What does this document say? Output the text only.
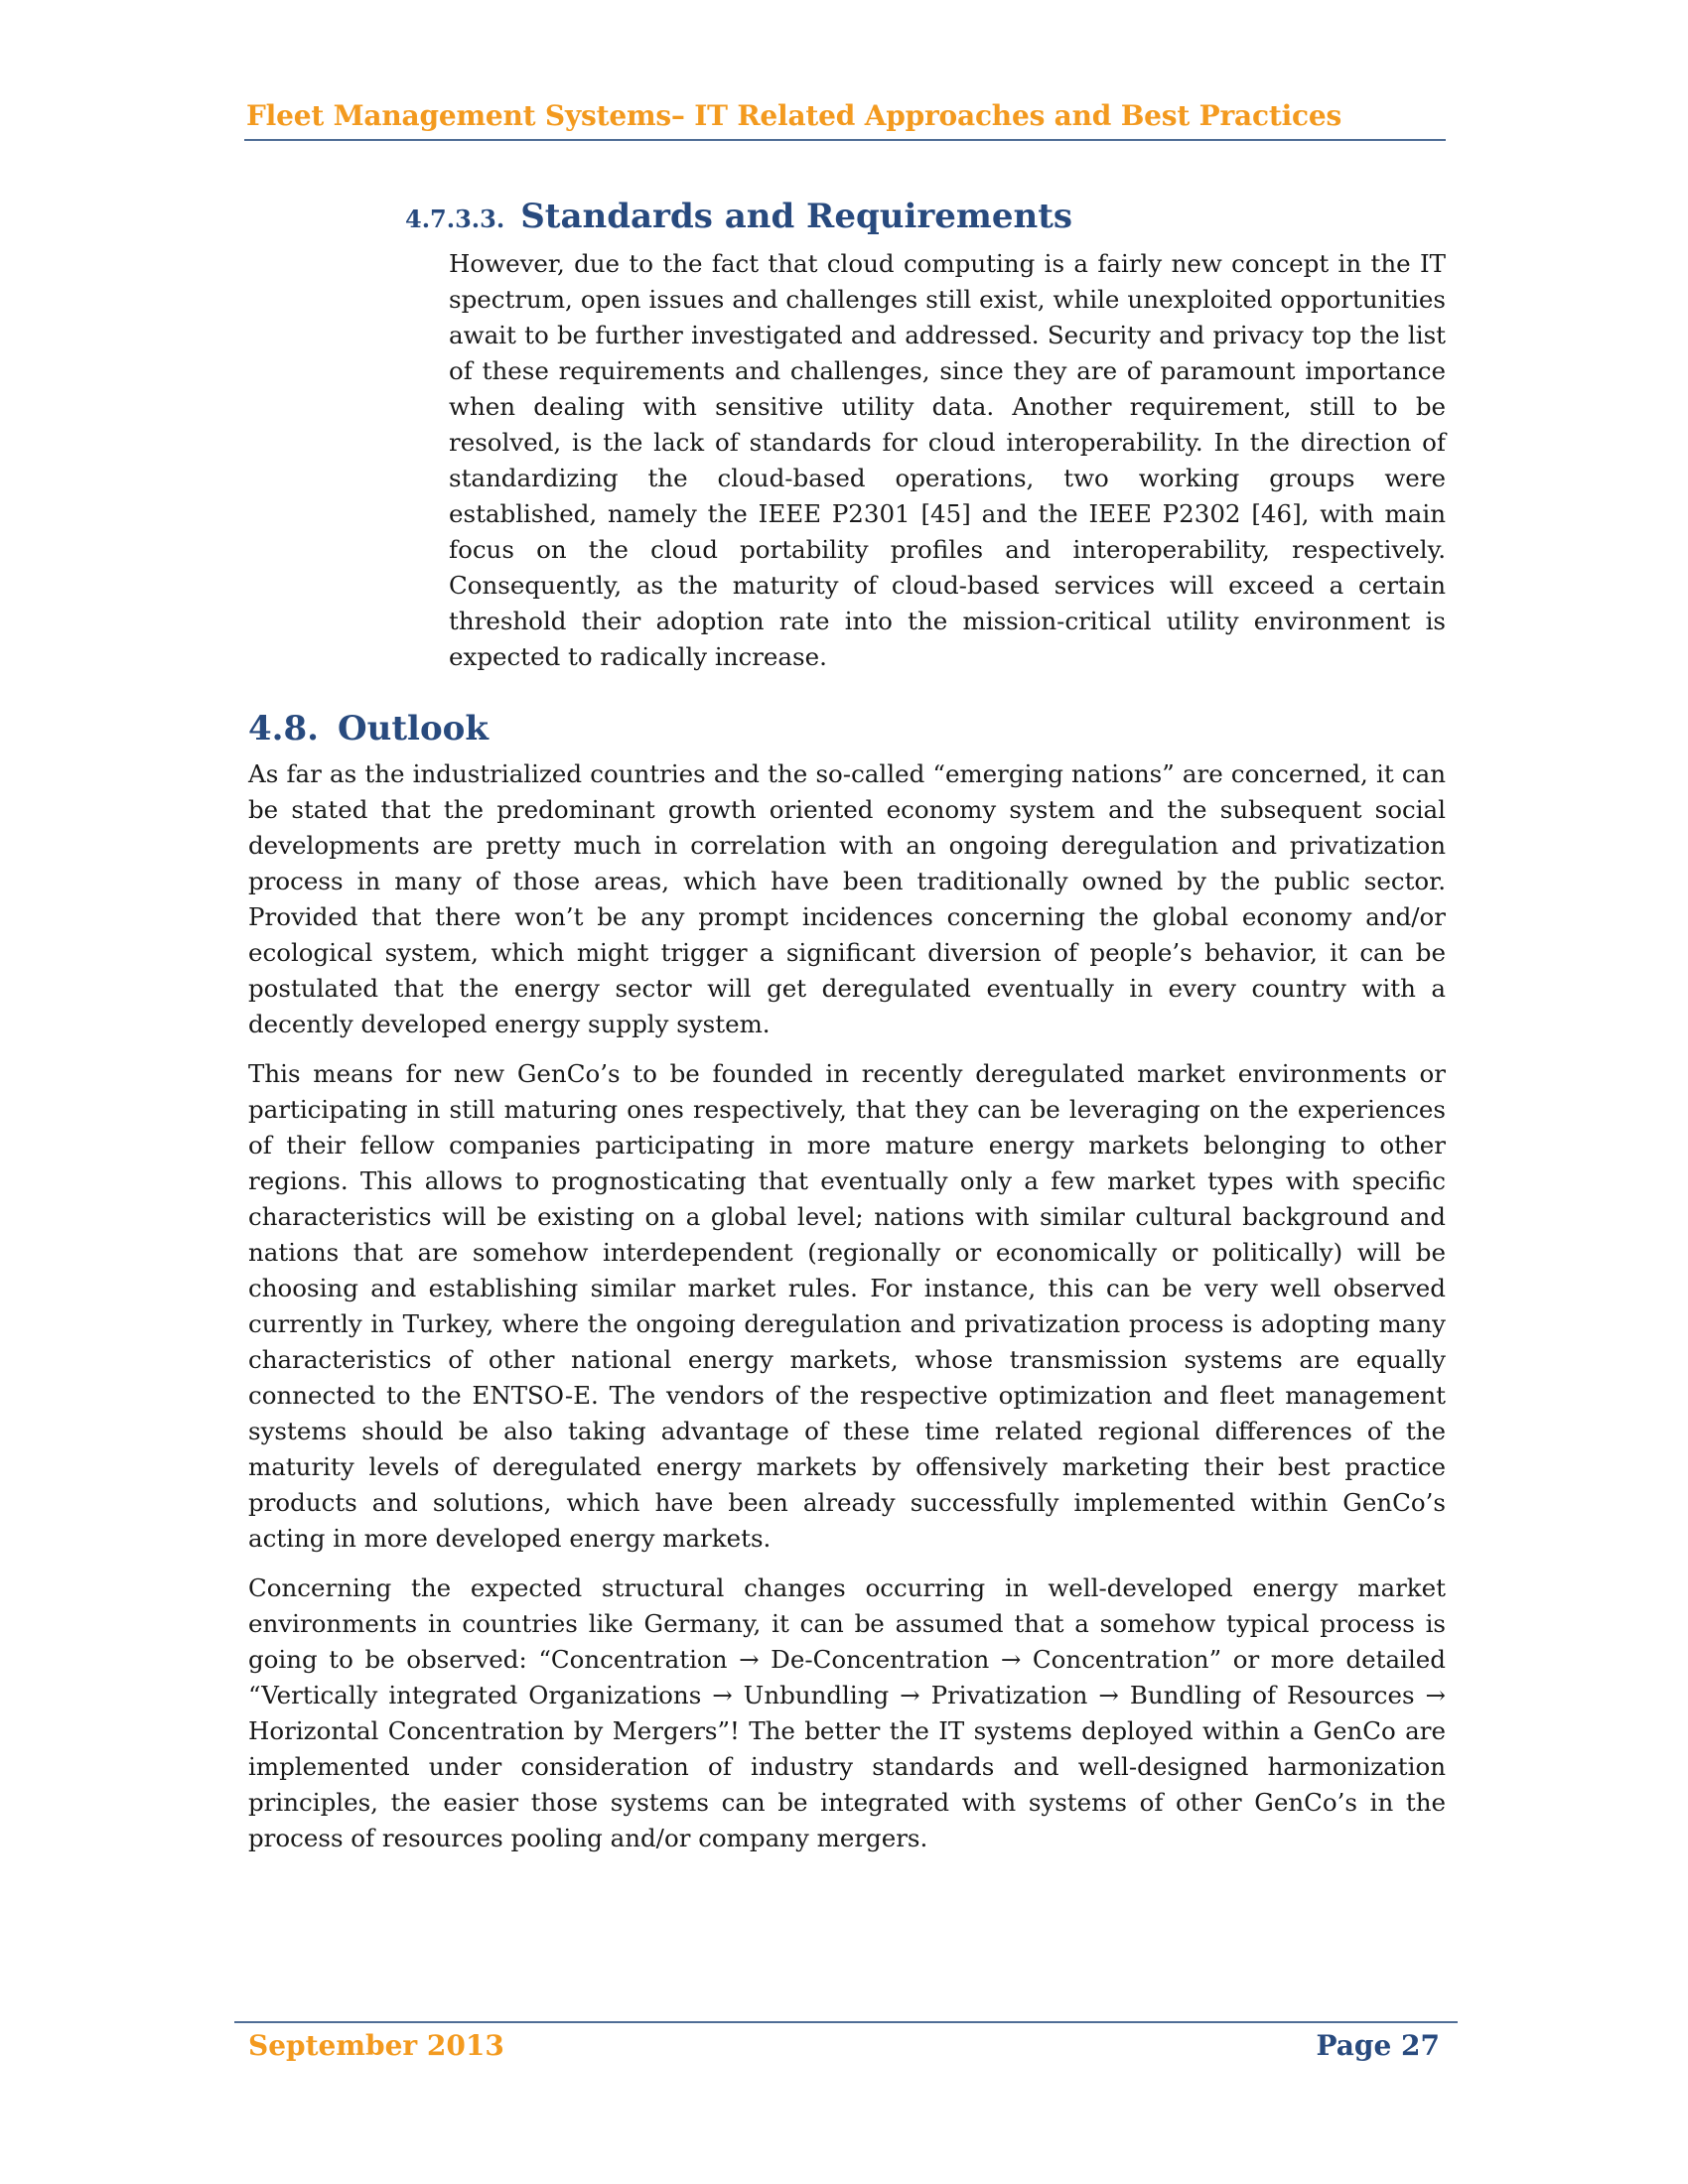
Fleet Management Systems– IT Related Approaches and Best Practices
4.7.3.3. Standards and Requirements

However, due to the fact that cloud computing is a fairly new concept in the IT spectrum, open issues and challenges still exist, while unexploited opportunities await to be further investigated and addressed. Security and privacy top the list of these requirements and challenges, since they are of paramount importance when dealing with sensitive utility data. Another requirement, still to be resolved, is the lack of standards for cloud interoperability. In the direction of standardizing the cloud-based operations, two working groups were established, namely the IEEE P2301 [45] and the IEEE P2302 [46], with main focus on the cloud portability profiles and interoperability, respectively. Consequently, as the maturity of cloud-based services will exceed a certain threshold their adoption rate into the mission-critical utility environment is expected to radically increase.

4.8. Outlook

As far as the industrialized countries and the so-called “emerging nations” are concerned, it can be stated that the predominant growth oriented economy system and the subsequent social developments are pretty much in correlation with an ongoing deregulation and privatization process in many of those areas, which have been traditionally owned by the public sector. Provided that there won’t be any prompt incidences concerning the global economy and/or ecological system, which might trigger a significant diversion of people’s behavior, it can be postulated that the energy sector will get deregulated eventually in every country with a decently developed energy supply system.

This means for new GenCo’s to be founded in recently deregulated market environments or participating in still maturing ones respectively, that they can be leveraging on the experiences of their fellow companies participating in more mature energy markets belonging to other regions. This allows to prognosticating that eventually only a few market types with specific characteristics will be existing on a global level; nations with similar cultural background and nations that are somehow interdependent (regionally or economically or politically) will be choosing and establishing similar market rules. For instance, this can be very well observed currently in Turkey, where the ongoing deregulation and privatization process is adopting many characteristics of other national energy markets, whose transmission systems are equally connected to the ENTSO-E. The vendors of the respective optimization and fleet management systems should be also taking advantage of these time related regional differences of the maturity levels of deregulated energy markets by offensively marketing their best practice products and solutions, which have been already successfully implemented within GenCo’s acting in more developed energy markets.

Concerning the expected structural changes occurring in well-developed energy market environments in countries like Germany, it can be assumed that a somehow typical process is going to be observed: “Concentration → De-Concentration → Concentration” or more detailed “Vertically integrated Organizations → Unbundling → Privatization → Bundling of Resources → Horizontal Concentration by Mergers”! The better the IT systems deployed within a GenCo are implemented under consideration of industry standards and well-designed harmonization principles, the easier those systems can be integrated with systems of other GenCo’s in the process of resources pooling and/or company mergers.

September 2013	Page 27
